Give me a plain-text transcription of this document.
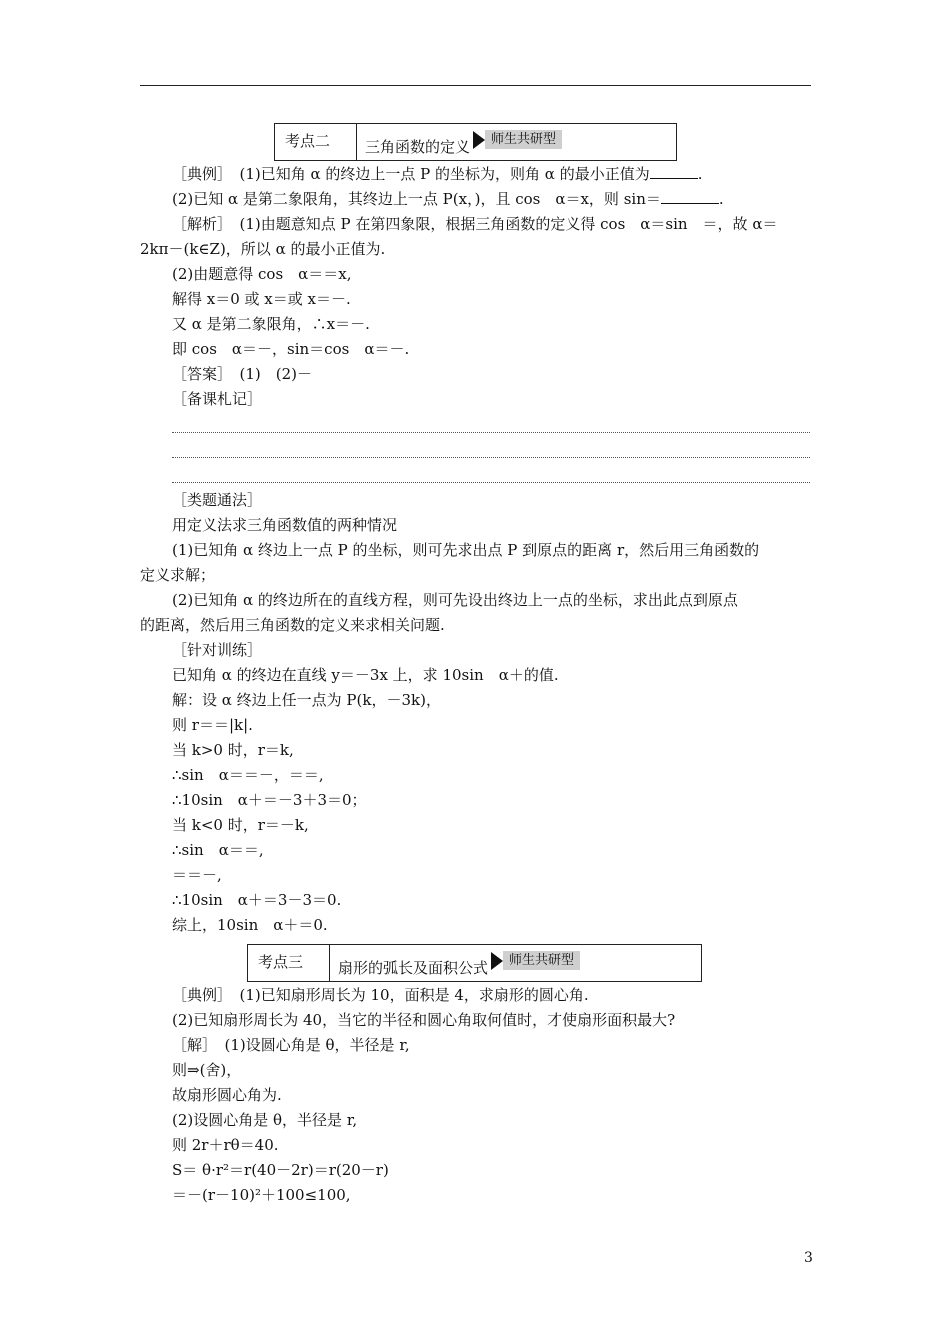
考点二	三角函数的定义	师生共研型
［典例］　(1)已知角 α 的终边上一点 P 的坐标为，则角 α 的最小正值为	.
(2)已知 α 是第二象限角，其终边上一点 P(x，)，且 cos　α＝x，则 sin＝	.
［解析］　(1)由题意知点 P 在第四象限，根据三角函数的定义得 cos　α＝sin　＝，故 α＝
2kπ－(k∈Z)，所以 α 的最小正值为.
(2)由题意得 cos　α＝＝x,
解得 x＝0 或 x＝或 x＝－.
又 α 是第二象限角，∴x＝－.
即 cos　α＝－，sin＝cos　α＝－.
［答案］　(1)　(2)－
［备课札记］
［类题通法］
用定义法求三角函数值的两种情况
(1)已知角 α 终边上一点 P 的坐标，则可先求出点 P 到原点的距离 r，然后用三角函数的
定义求解；
(2)已知角 α 的终边所在的直线方程，则可先设出终边上一点的坐标，求出此点到原点
的距离，然后用三角函数的定义来求相关问题.
［针对训练］
已知角 α 的终边在直线 y＝－3x 上，求 10sin　α＋的值.
解：设 α 终边上任一点为 P(k，－3k)，
则 r＝＝|k|.
当 k>0 时，r＝k,
∴sin　α＝＝－，＝＝,
∴10sin　α＋＝－3＋3＝0；
当 k<0 时，r＝－k,
∴sin　α＝＝,
＝＝－,
∴10sin　α＋＝3－3＝0.
综上，10sin　α＋＝0.
考点三	扇形的弧长及面积公式	师生共研型
［典例］　(1)已知扇形周长为 10，面积是 4，求扇形的圆心角.
(2)已知扇形周长为 40，当它的半径和圆心角取何值时，才使扇形面积最大?
［解］　(1)设圆心角是 θ，半径是 r,
则⇒(舍)，
故扇形圆心角为.
(2)设圆心角是 θ，半径是 r,
则 2r＋rθ＝40.
S＝ θ·r²＝r(40－2r)＝r(20－r)
＝－(r－10)²＋100≤100,
3
